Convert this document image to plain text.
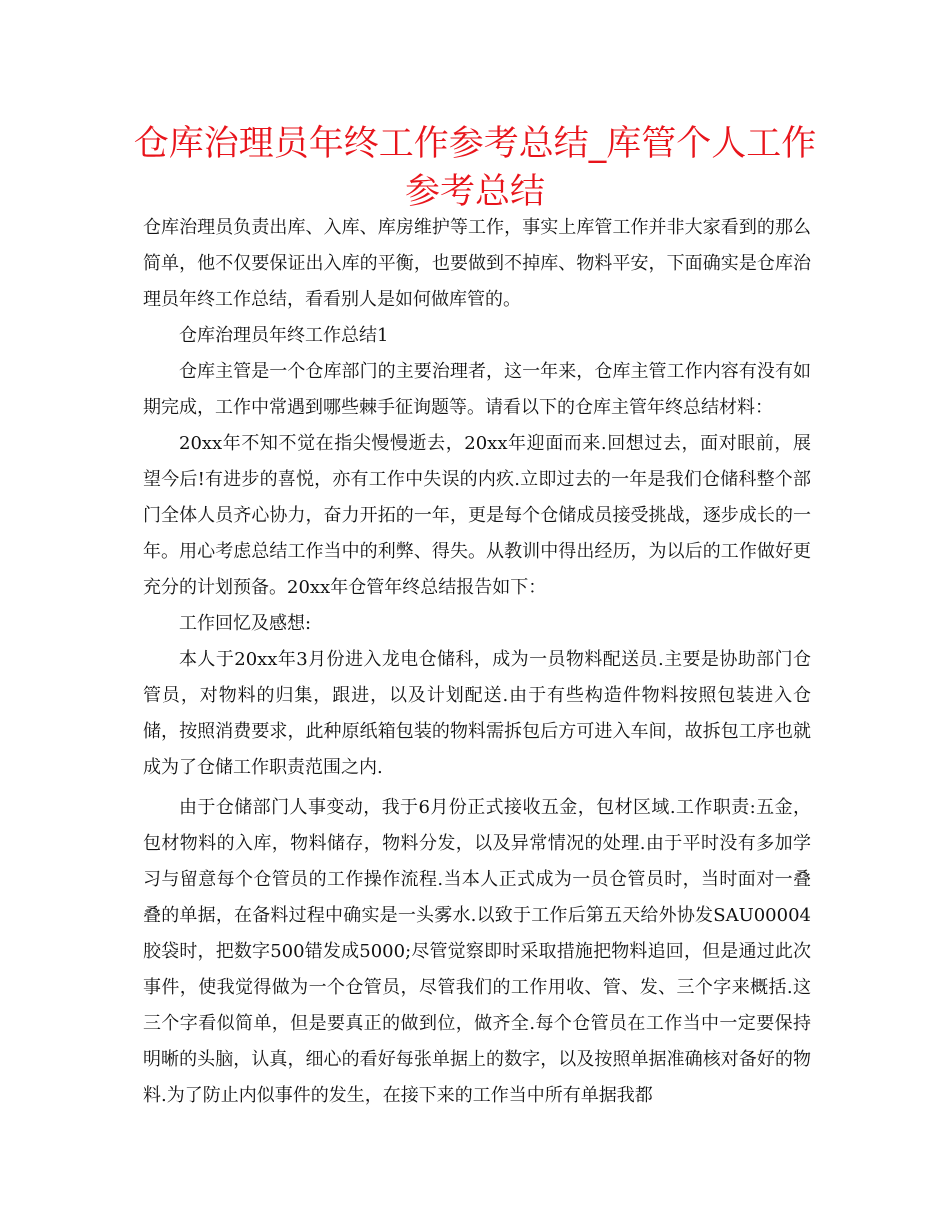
仓库治理员年终工作参考总结_库管个人工作参考总结

仓库治理员负责出库、入库、库房维护等工作，事实上库管工作并非大家看到的那么简单，他不仅要保证出入库的平衡，也要做到不掉库、物料平安，下面确实是仓库治理员年终工作总结，看看别人是如何做库管的。

仓库治理员年终工作总结1

仓库主管是一个仓库部门的主要治理者，这一年来，仓库主管工作内容有没有如期完成，工作中常遇到哪些棘手征询题等。请看以下的仓库主管年终总结材料：

20xx年不知不觉在指尖慢慢逝去，20xx年迎面而来.回想过去，面对眼前，展望今后!有进步的喜悦，亦有工作中失误的内疚.立即过去的一年是我们仓储科整个部门全体人员齐心协力，奋力开拓的一年，更是每个仓储成员接受挑战，逐步成长的一年。用心考虑总结工作当中的利弊、得失。从教训中得出经历，为以后的工作做好更充分的计划预备。20xx年仓管年终总结报告如下：

工作回忆及感想:

本人于20xx年3月份进入龙电仓储科，成为一员物料配送员.主要是协助部门仓管员，对物料的归集，跟进，以及计划配送.由于有些构造件物料按照包装进入仓储，按照消费要求，此种原纸箱包装的物料需拆包后方可进入车间，故拆包工序也就成为了仓储工作职责范围之内.

由于仓储部门人事变动，我于6月份正式接收五金，包材区域.工作职责:五金，包材物料的入库，物料储存，物料分发，以及异常情况的处理.由于平时没有多加学习与留意每个仓管员的工作操作流程.当本人正式成为一员仓管员时，当时面对一叠叠的单据，在备料过程中确实是一头雾水.以致于工作后第五天给外协发SAU00004胶袋时，把数字500错发成5000;尽管觉察即时采取措施把物料追回，但是通过此次事件，使我觉得做为一个仓管员，尽管我们的工作用收、管、发、三个字来概括.这三个字看似简单，但是要真正的做到位，做齐全.每个仓管员在工作当中一定要保持明晰的头脑，认真，细心的看好每张单据上的数字，以及按照单据准确核对备好的物料.为了防止内似事件的发生，在接下来的工作当中所有单据我都
